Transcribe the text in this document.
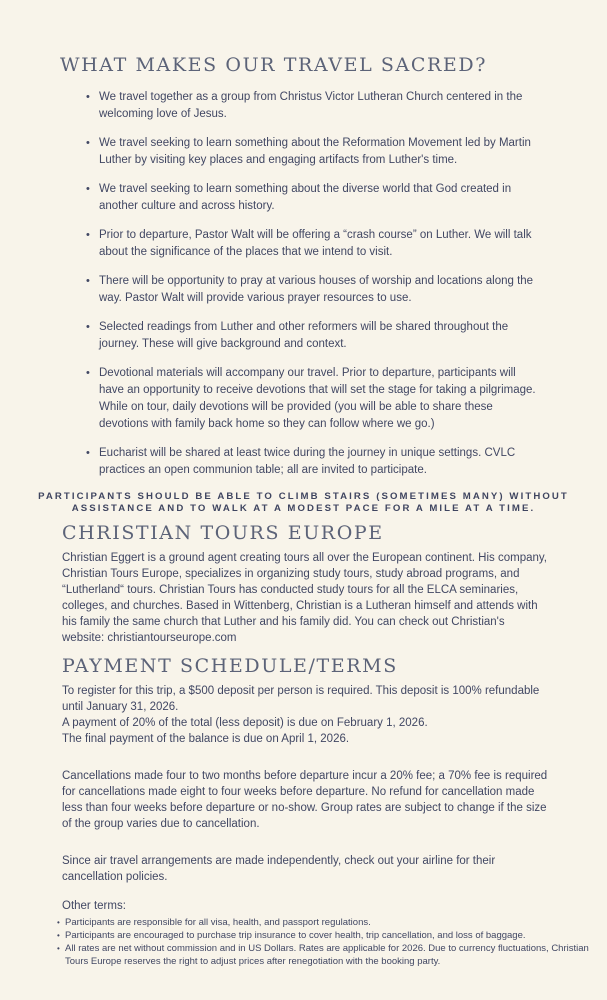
WHAT MAKES OUR TRAVEL SACRED?
• We travel together as a group from Christus Victor Lutheran Church centered in the welcoming love of Jesus.
• We travel seeking to learn something about the Reformation Movement led by Martin Luther by visiting key places and engaging artifacts from Luther's time.
• We travel seeking to learn something about the diverse world that God created in another culture and across history.
• Prior to departure, Pastor Walt will be offering a “crash course” on Luther. We will talk about the significance of the places that we intend to visit.
• There will be opportunity to pray at various houses of worship and locations along the way. Pastor Walt will provide various prayer resources to use.
• Selected readings from Luther and other reformers will be shared throughout the journey. These will give background and context.
• Devotional materials will accompany our travel. Prior to departure, participants will have an opportunity to receive devotions that will set the stage for taking a pilgrimage. While on tour, daily devotions will be provided (you will be able to share these devotions with family back home so they can follow where we go.)
• Eucharist will be shared at least twice during the journey in unique settings. CVLC practices an open communion table; all are invited to participate.

PARTICIPANTS SHOULD BE ABLE TO CLIMB STAIRS (SOMETIMES MANY) WITHOUT ASSISTANCE AND TO WALK AT A MODEST PACE FOR A MILE AT A TIME.

CHRISTIAN TOURS EUROPE

Christian Eggert is a ground agent creating tours all over the European continent. His company, Christian Tours Europe, specializes in organizing study tours, study abroad programs, and “Lutherland“ tours. Christian Tours has conducted study tours for all the ELCA seminaries, colleges, and churches. Based in Wittenberg, Christian is a Lutheran himself and attends with his family the same church that Luther and his family did. You can check out Christian's website: christiantourseurope.com

PAYMENT SCHEDULE/TERMS
To register for this trip, a $500 deposit per person is required. This deposit is 100% refundable until January 31, 2026.
A payment of 20% of the total (less deposit) is due on February 1, 2026.
The final payment of the balance is due on April 1, 2026.

Cancellations made four to two months before departure incur a 20% fee; a 70% fee is required for cancellations made eight to four weeks before departure. No refund for cancellation made less than four weeks before departure or no-show. Group rates are subject to change if the size of the group varies due to cancellation.

Since air travel arrangements are made independently, check out your airline for their cancellation policies.

Other terms:

• Participants are responsible for all visa, health, and passport regulations.
• Participants are encouraged to purchase trip insurance to cover health, trip cancellation, and loss of baggage.
• All rates are net without commission and in US Dollars. Rates are applicable for 2026. Due to currency fluctuations, Christian Tours Europe reserves the right to adjust prices after renegotiation with the booking party.
